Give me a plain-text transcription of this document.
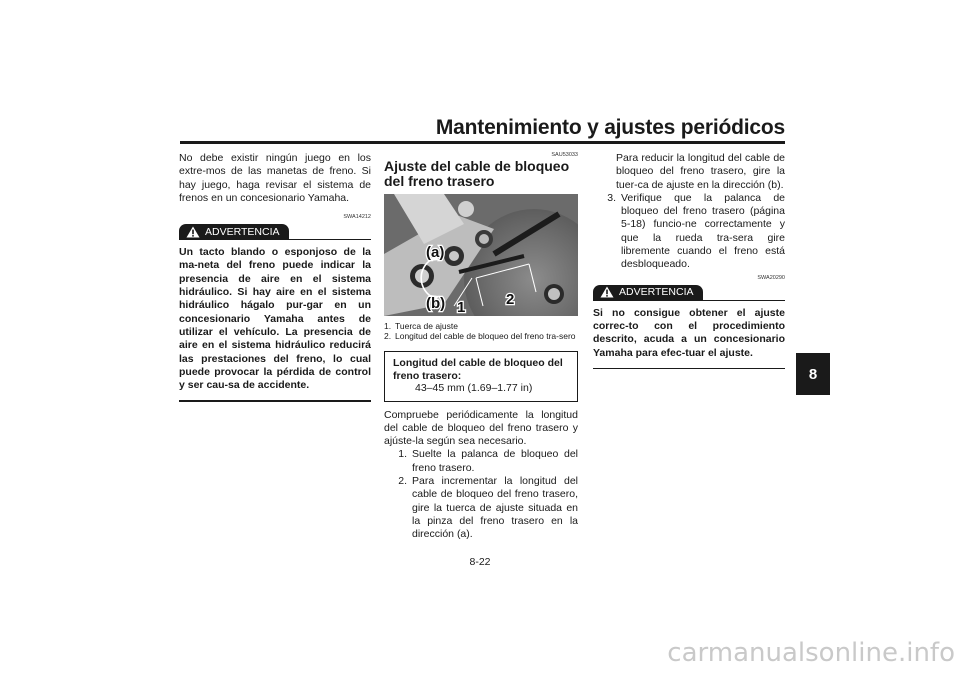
Mantenimiento y ajustes periódicos
8

No debe existir ningún juego en los extre-mos de las manetas de freno. Si hay juego, haga revisar el sistema de frenos en un concesionario Yamaha.

SWA14212
ADVERTENCIA

Un tacto blando o esponjoso de la ma-neta del freno puede indicar la presencia de aire en el sistema hidráulico. Si hay aire en el sistema hidráulico hágalo pur-gar en un concesionario Yamaha antes de utilizar el vehículo. La presencia de aire en el sistema hidráulico reducirá las prestaciones del freno, lo cual puede provocar la pérdida de control y ser cau-sa de accidente.

SAU53033

Ajuste del cable de bloqueo del freno trasero

(a)
(b) 1	2
1. Tuerca de ajuste
2. Longitud del cable de bloqueo del freno tra-sero

Longitud del cable de bloqueo del freno trasero:

43–45 mm (1.69–1.77 in)

Compruebe periódicamente la longitud del cable de bloqueo del freno trasero y ajúste-la según sea necesario.

1. Suelte la palanca de bloqueo del freno trasero.
2. Para incrementar la longitud del cable de bloqueo del freno trasero, gire la tuerca de ajuste situada en la pinza del freno trasero en la dirección (a).

Para reducir la longitud del cable de bloqueo del freno trasero, gire la tuer-ca de ajuste en la dirección (b).

3. Verifique que la palanca de bloqueo del freno trasero (página 5-18) funcio-ne correctamente y que la rueda tra-sera gire libremente cuando el freno está desbloqueado.
SWA20290
ADVERTENCIA

Si no consigue obtener el ajuste correc-to con el procedimiento descrito, acuda a un concesionario Yamaha para efec-tuar el ajuste.

8-22
carmanualsonline.info
